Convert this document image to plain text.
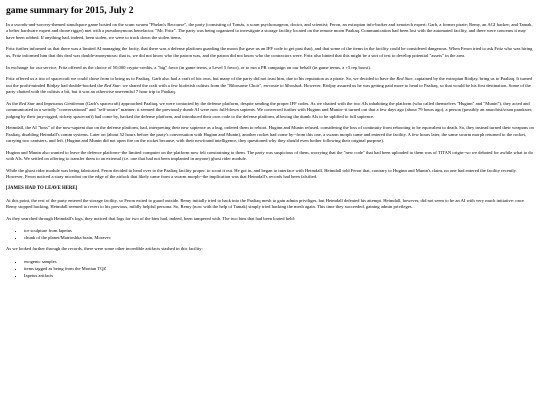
game summary for 2015, July 2

In a swords-and-sorcery-themed simulspace game hosted on the scum swarm "Phelan's Recourse", the party (consisting of Tomás, a scarn psychosurgeon, doctor, and scientist; Feron, an extropian info-broker and xenotech expert; Garb, a former pirate; Remy, an AGI hacker; and Tamak, a belter hardware expert and drone rigger) met with a pseudonymous benefactor, "Mr. Fritz". The party was being organized to investigate a storage facility located on the remote moon Paaliaq. Communication had been lost with the automated facility, and there were concerns it may have been robbed. If anything had, indeed, been stolen, we were to track down the stolen items.

Fritz further informed us that there was a limited AI managing the facity, that there was a defense platform guarding the moon (he gave us an IFF code to get past that), and that some of the items in the facility could be considered dangerous. When Feron tried to ask Fritz who was hiring us, Fritz informed him that this deal was double-anonymous: that is, we did not know who the patron was, and the patron did not know who the contractors were. Fritz also hinted that this might be a sort of test to develop potential "assets" in the area.

In exchange for our service, Fritz offered us the choice of 50,000 crypto-credits, a "big" favor (in game terms, a Level 5 favor), or to run a PR campaign on our behalf (in game terms, a +5 rep boost).

Fritz offered us a trio of spacecraft we could chose from to bring us to Paaliaq. Garb also had a craft of his own, but many of the party did not trust him, due to his reputation as a pirate. So, we decided to have the Red Star, captained by the extropian Rödjay, bring us to Paaliaq. It turned out the profit-minded Rödjay had double-booked the Red Star: we shared the craft with a few biofetish cultists from the "Ribosome Choir", en-route to Mooshak. However, Rödjay assured us he was getting paid more to head to Paaliaq, so that would be his first destination. Some of the party chatted with the cultists a bit, but it was an otherwise uneventful 7 hour trip to Paaliaq.

As the Red Star and Impetuous Gentleman (Garb's spacecraft) approached Paaliaq, we were contacted by the defense platform, despite sending the proper IFF codes. As we chatted with the two AIs inhabiting the platform (who called themselves "Huginn" and "Munin"), they acted and communicated in a weirdly "conversational" and "self-aware" manner: it seemed the previously dumb AI were now full-blown sapients. We conversed further with Huginn and Munin--it turned out that a few days ago (about 79 hours ago), a person (possibly an anarchist/scum prankster, judging by their jury-rigged, rickety spacecraft) had come by, hacked the defense platform, and introduced their own code to the defense platform, allowing the dumb AIs to be uplifted to full sapience.

Heimdall, the AI "boss" of the now-sapient duo on the defense platform, had, interpreting their new sapience as a bug, ordered them to reboot. Huginn and Munin refused, considering the loss of continuity from rebooting to be equivalent to death. So, they instead turned their weapons on Paaliaq, disabling Heimdall's comm systems. Later on (about 52 hours before the party's conversation with Huginn and Munin), another rocket had come by--from this one, a swarm morph came and entered the facility. A few hours later, the same swarm morph returned to the rocket, carrying two canisters, and left. (Huginn and Munin did not open fire on the rocket because, with their newfound intelligence, they questioned why they should even bother following their original purpose).

Huginn and Munin also wanted to leave the defence platform--the limited computer on the platform now felt constraining to them. The party was suspicious of them, worrying that the "new code" that had been uploaded to them was of TITAN origin--so we debated for awhile what to do with AIs. We settled on offering to transfer them to an external (i.e. one that had not been implanted in anyone) ghost rider module.

While the ghost rider module was being fabricated, Feron decided to head over to the Paaliaq facility proper, to scout it out. He got in, and began to interface with Heimdall. Heimdall told Feron that, contrary to Huginn and Munin's claim, no one had entered the facility recently. However, Feron noticed a stray microbot on the edge of the airlock that likely came from a swarm morph--the implication was that Heimdall's records had been falsified.

[JAMES HAD TO LEAVE HERE]

At this point, the rest of the party entered the storage facility, so Feron exited to guard outside. Remy initially tried to hack into the Paaliaq mesh to gain admin priviliges, but Heimdall defeated his attempt. Heimdall, however, did not seem to be an AI with very much initiative: once Remy stopped hacking, Heimdall seemed to revert to his previous, mildly helpful persona. So, Remy (now with the help of Tamak) simply tried hacking the mesh again. This time they succeeded, gaining admin privileges.

As they searched through Heimdall's logs, they noticed that logs for two of the bins had, indeed, been tampered with. The two bins that had been looted held:

• ice sculpture from Iapetus
• chunk of the planet/Matrioshka brain, Moravec

As we looked further through the records, there were some other incredible artifacts stashed in this facility:

• exogenic samples
• items tagged as being from the Martian TQZ
• Iapetus artifacts
